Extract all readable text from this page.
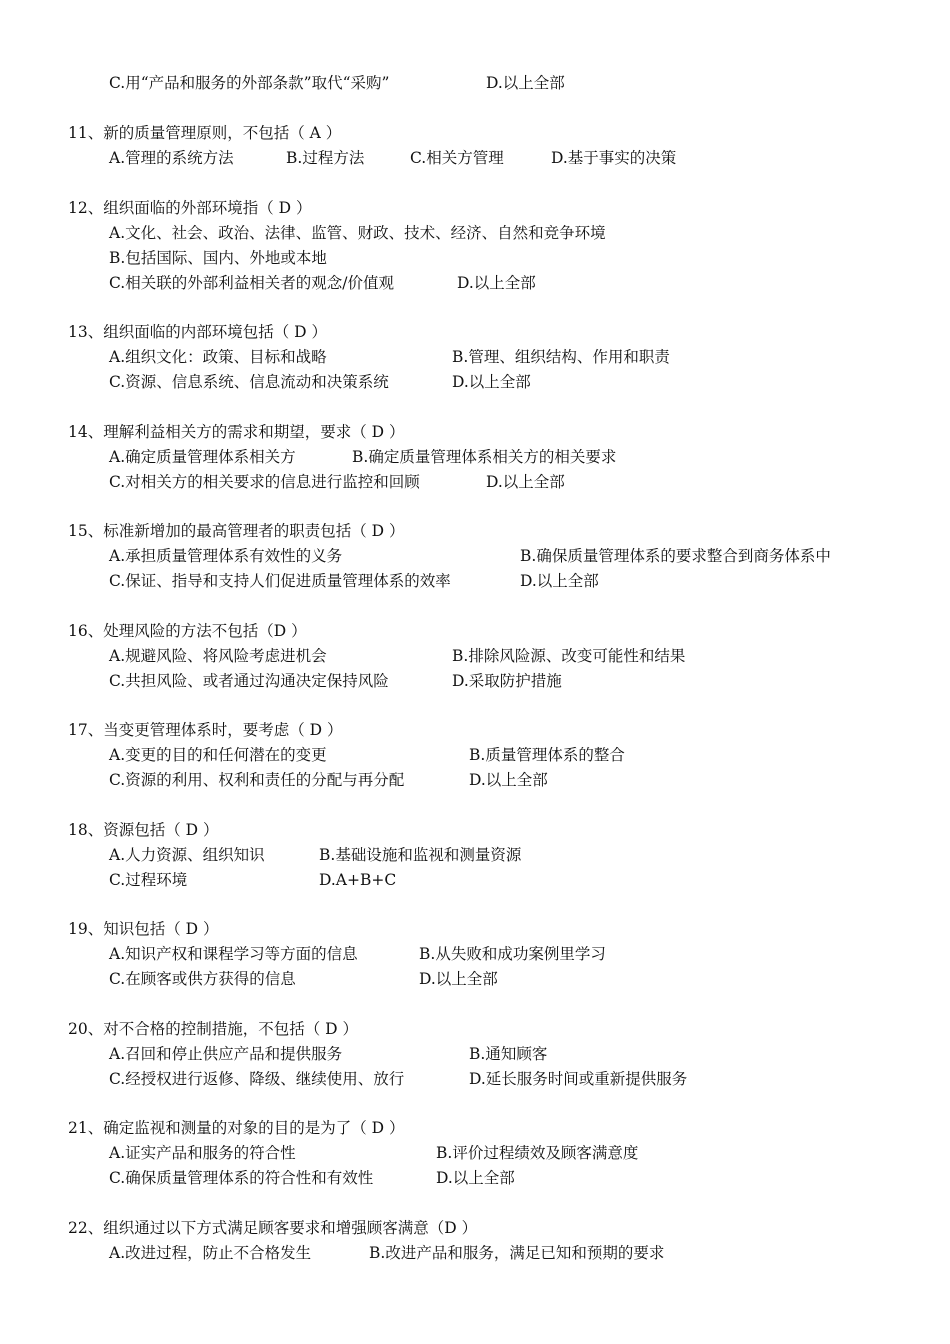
C.用“产品和服务的外部条款”取代“采购”	D.以上全部
11、新的质量管理原则，不包括（ A ）
A.管理的系统方法	B.过程方法	C.相关方管理	D.基于事实的决策
12、组织面临的外部环境指（ D ）
A.文化、社会、政治、法律、监管、财政、技术、经济、自然和竞争环境
B.包括国际、国内、外地或本地
C.相关联的外部利益相关者的观念/价值观	D.以上全部
13、组织面临的内部环境包括（ D ）
A.组织文化：政策、目标和战略	B.管理、组织结构、作用和职责
C.资源、信息系统、信息流动和决策系统	D.以上全部
14、理解利益相关方的需求和期望，要求（ D ）
A.确定质量管理体系相关方	B.确定质量管理体系相关方的相关要求
C.对相关方的相关要求的信息进行监控和回顾	D.以上全部
15、标准新增加的最高管理者的职责包括（ D ）
A.承担质量管理体系有效性的义务	B.确保质量管理体系的要求整合到商务体系中
C.保证、指导和支持人们促进质量管理体系的效率	D.以上全部
16、处理风险的方法不包括（D ）
A.规避风险、将风险考虑进机会	B.排除风险源、改变可能性和结果
C.共担风险、或者通过沟通决定保持风险	D.采取防护措施
17、当变更管理体系时，要考虑（ D ）
A.变更的目的和任何潜在的变更	B.质量管理体系的整合
C.资源的利用、权利和责任的分配与再分配	D.以上全部
18、资源包括（ D ）
A.人力资源、组织知识	B.基础设施和监视和测量资源
C.过程环境	D.A+B+C
19、知识包括（ D ）
A.知识产权和课程学习等方面的信息	B.从失败和成功案例里学习
C.在顾客或供方获得的信息	D.以上全部
20、对不合格的控制措施，不包括（ D ）
A.召回和停止供应产品和提供服务	B.通知顾客
C.经授权进行返修、降级、继续使用、放行	D.延长服务时间或重新提供服务
21、确定监视和测量的对象的目的是为了（ D ）
A.证实产品和服务的符合性	B.评价过程绩效及顾客满意度
C.确保质量管理体系的符合性和有效性	D.以上全部
22、组织通过以下方式满足顾客要求和增强顾客满意（D ）
A.改进过程，防止不合格发生	B.改进产品和服务，满足已知和预期的要求
